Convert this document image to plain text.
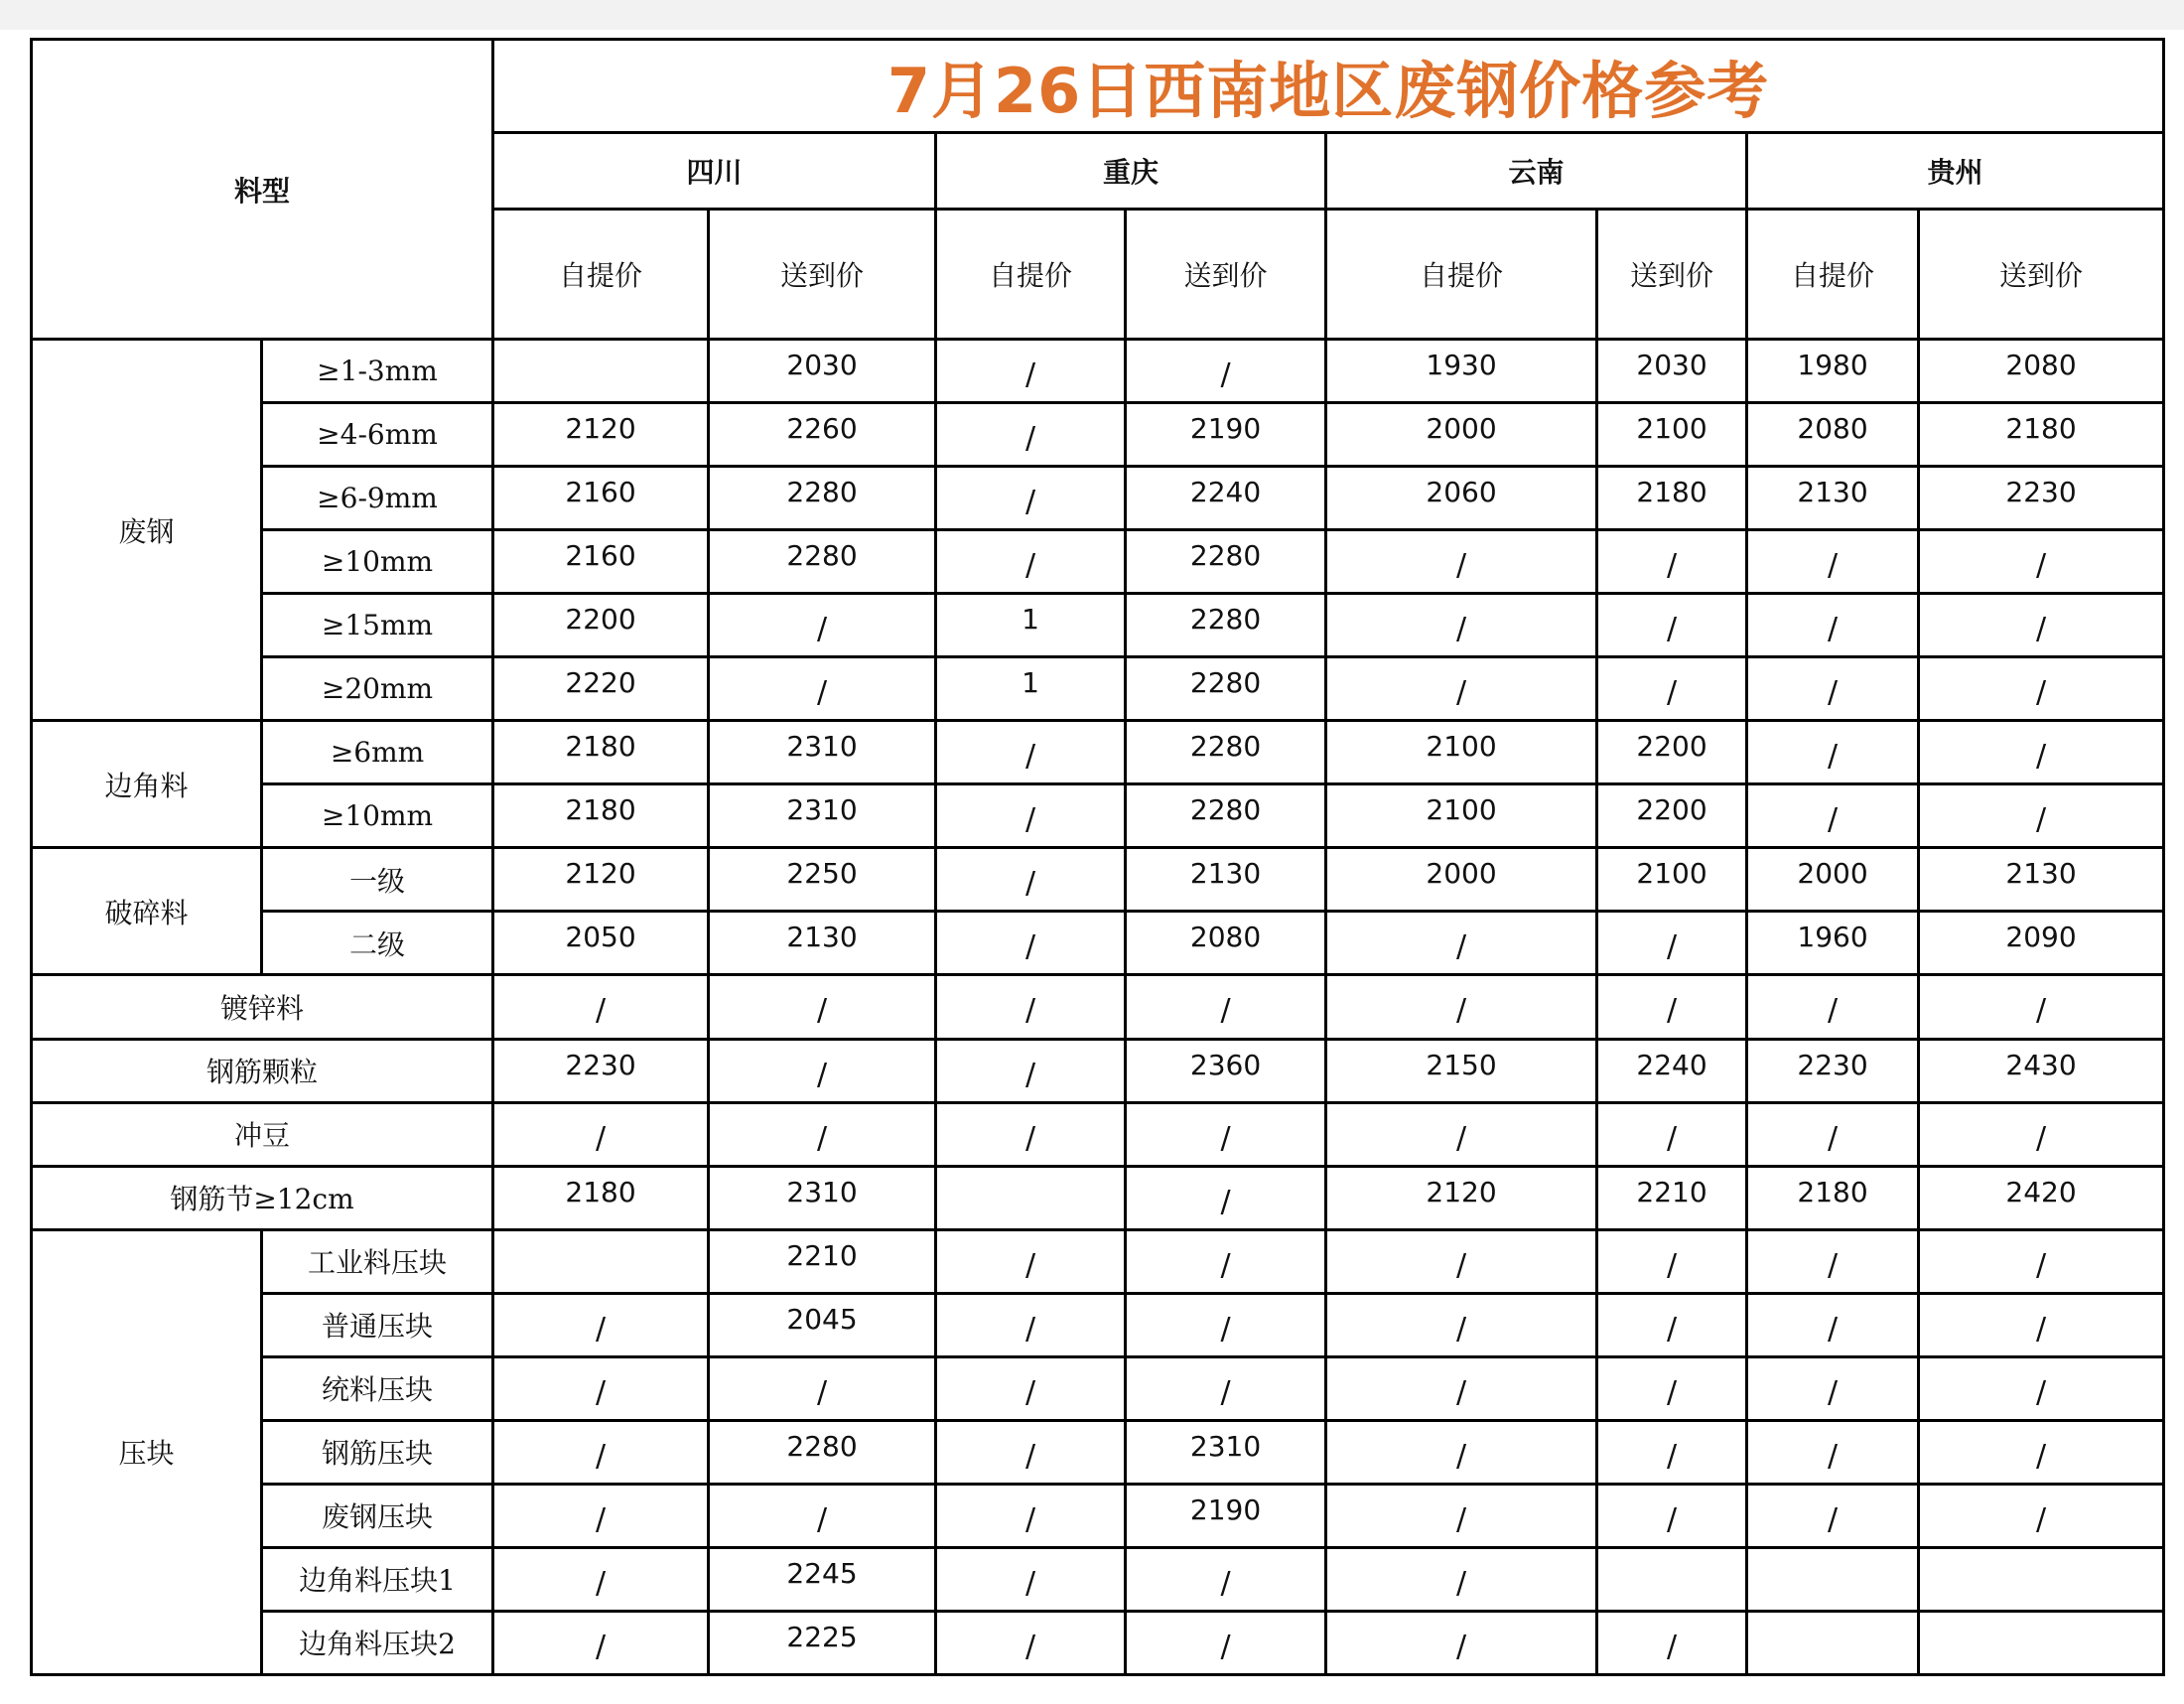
料型		7月26日西南地区废钢价格参考							
		四川		重庆		云南		贵州	
		自提价	送到价	自提价	送到价	自提价	送到价	自提价	送到价
废钢	≥1-3mm		2030	/	/	1930	2030	1980	2080
	≥4-6mm	2120	2260	/	2190	2000	2100	2080	2180
	≥6-9mm	2160	2280	/	2240	2060	2180	2130	2230
	≥10mm	2160	2280	/	2280	/	/	/	/
	≥15mm	2200	/	1	2280	/	/	/	/
	≥20mm	2220	/	1	2280	/	/	/	/
边角料	≥6mm	2180	2310	/	2280	2100	2200	/	/
	≥10mm	2180	2310	/	2280	2100	2200	/	/
破碎料	一级	2120	2250	/	2130	2000	2100	2000	2130
	二级	2050	2130	/	2080	/	/	1960	2090
镀锌料		/	/	/	/	/	/	/	/
钢筋颗粒		2230	/	/	2360	2150	2240	2230	2430
冲豆		/	/	/	/	/	/	/	/
钢筋节≥12cm		2180	2310		/	2120	2210	2180	2420
压块	工业料压块		2210	/	/	/	/	/	/
	普通压块	/	2045	/	/	/	/	/	/
	统料压块	/	/	/	/	/	/	/	/
	钢筋压块	/	2280	/	2310	/	/	/	/
	废钢压块	/	/	/	2190	/	/	/	/
	边角料压块1	/	2245	/	/	/			
	边角料压块2	/	2225	/	/	/	/		
